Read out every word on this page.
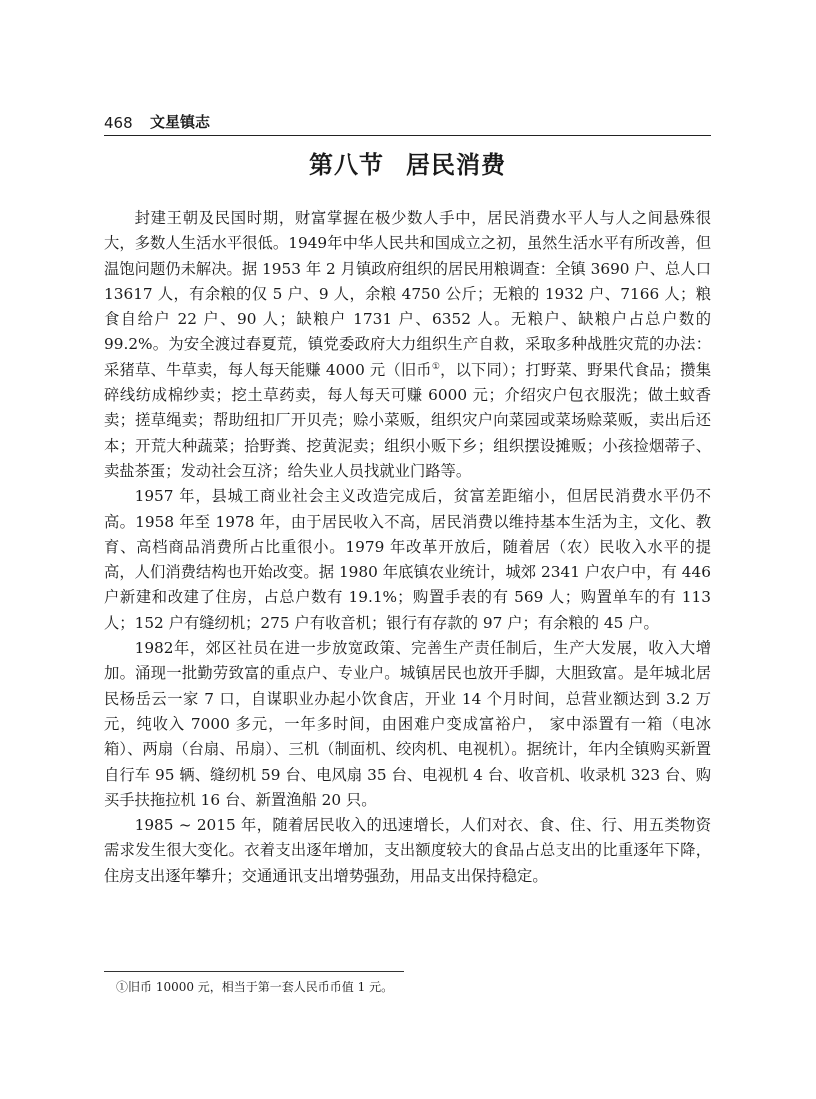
468 文星镇志
第八节 居民消费

封建王朝及民国时期，财富掌握在极少数人手中，居民消费水平人与人之间悬殊很大，多数人生活水平很低。1949年中华人民共和国成立之初，虽然生活水平有所改善，但温饱问题仍未解决。据 1953 年 2 月镇政府组织的居民用粮调查：全镇 3690 户、总人口 13617 人，有余粮的仅 5 户、9 人，余粮 4750 公斤；无粮的 1932 户、7166 人；粮食自给户 22 户、90 人；缺粮户 1731 户、6352 人。无粮户、缺粮户占总户数的 99.2%。为安全渡过春夏荒，镇党委政府大力组织生产自救，采取多种战胜灾荒的办法：采猪草、牛草卖，每人每天能赚 4000 元（旧币①，以下同）；打野菜、野果代食品；攒集碎线纺成棉纱卖；挖土草药卖，每人每天可赚 6000 元；介绍灾户包衣服洗；做土蚊香卖；搓草绳卖；帮助纽扣厂开贝壳；赊小菜贩，组织灾户向菜园或菜场赊菜贩，卖出后还本；开荒大种蔬菜；拾野粪、挖黄泥卖；组织小贩下乡；组织摆设摊贩；小孩捡烟蒂子、卖盐茶蛋；发动社会互济；给失业人员找就业门路等。

1957 年，县城工商业社会主义改造完成后，贫富差距缩小，但居民消费水平仍不高。1958 年至 1978 年，由于居民收入不高，居民消费以维持基本生活为主，文化、教育、高档商品消费所占比重很小。1979 年改革开放后，随着居（农）民收入水平的提高，人们消费结构也开始改变。据 1980 年底镇农业统计，城郊 2341 户农户中，有 446 户新建和改建了住房，占总户数有 19.1%；购置手表的有 569 人；购置单车的有 113 人；152 户有缝纫机；275 户有收音机；银行有存款的 97 户；有余粮的 45 户。

1982年，郊区社员在进一步放宽政策、完善生产责任制后，生产大发展，收入大增加。涌现一批勤劳致富的重点户、专业户。城镇居民也放开手脚，大胆致富。是年城北居民杨岳云一家 7 口，自谋职业办起小饮食店，开业 14 个月时间，总营业额达到 3.2 万元，纯收入 7000 多元，一年多时间，由困难户变成富裕户， 家中添置有一箱（电冰箱）、两扇（台扇、吊扇）、三机（制面机、绞肉机、电视机）。据统计，年内全镇购买新置自行车 95 辆、缝纫机 59 台、电风扇 35 台、电视机 4 台、收音机、收录机 323 台、购买手扶拖拉机 16 台、新置渔船 20 只。

1985 ~ 2015 年，随着居民收入的迅速增长，人们对衣、食、住、行、用五类物资需求发生很大变化。衣着支出逐年增加，支出额度较大的食品占总支出的比重逐年下降，住房支出逐年攀升；交通通讯支出增势强劲，用品支出保持稳定。

①旧币 10000 元，相当于第一套人民币币值 1 元。
